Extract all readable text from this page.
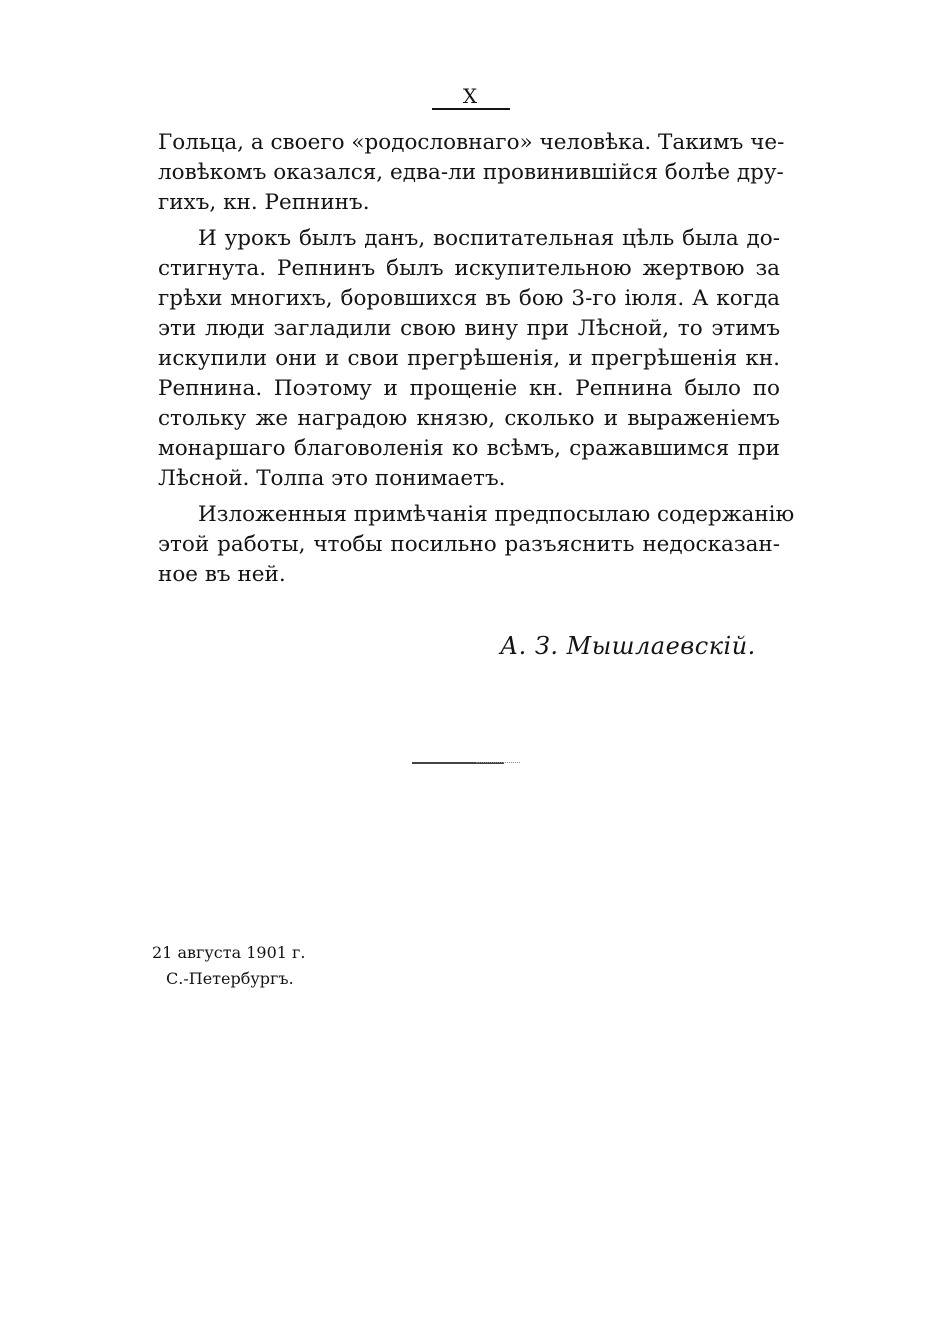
X
Гольца, а своего «родословнаго» человѣка. Такимъ че-
ловѣкомъ оказался, едва-ли провинившійся болѣе дру-
гихъ, кн. Репнинъ.
И урокъ былъ данъ, воспитательная цѣль была до-
стигнута. Репнинъ былъ искупительною жертвою за
грѣхи многихъ, боровшихся въ бою 3-го іюля. А когда
эти люди загладили свою вину при Лѣсной, то этимъ
искупили они и свои прегрѣшенія, и прегрѣшенія кн.
Репнина. Поэтому и прощеніе кн. Репнина было по
стольку же наградою князю, сколько и выраженіемъ
монаршаго благоволенія ко всѣмъ, сражавшимся при
Лѣсной. Толпа это понимаетъ.
Изложенныя примѣчанія предпосылаю содержанію
этой работы, чтобы посильно разъяснить недосказан-
ное въ ней.
А. З. Мышлаевскій.
21 августа 1901 г.
С.-Петербургъ.
